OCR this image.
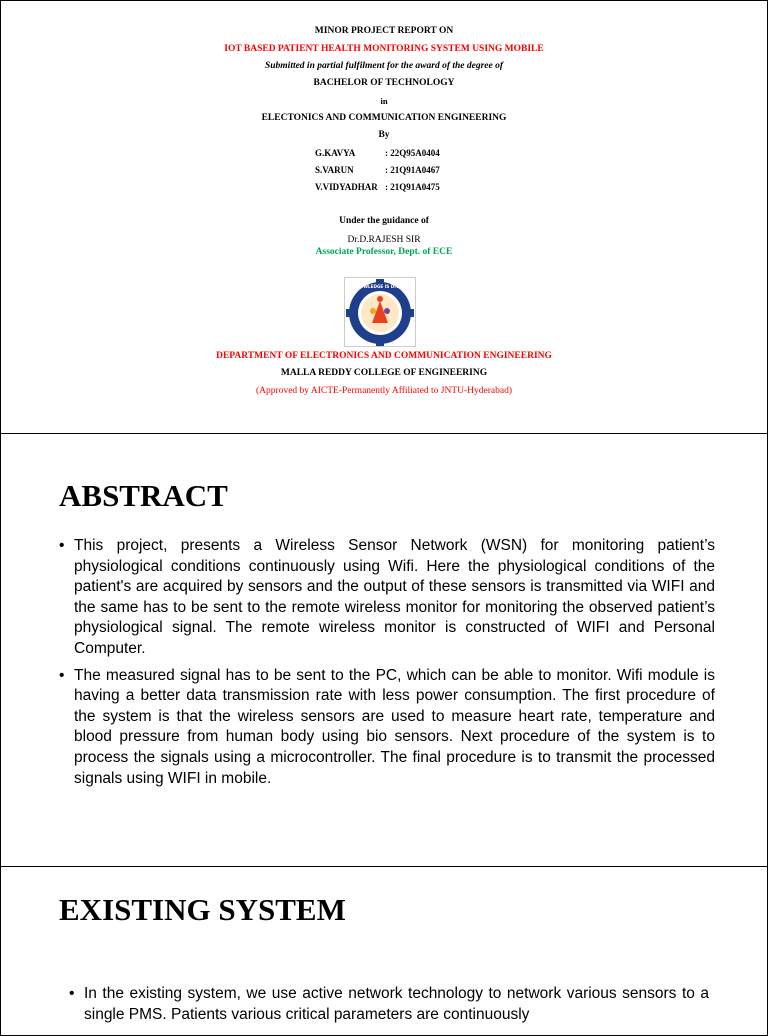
MINOR PROJECT REPORT ON
IOT BASED PATIENT HEALTH MONITORING SYSTEM USING MOBILE
Submitted in partial fulfilment for the award of the degree of
BACHELOR OF TECHNOLOGY
in
ELECTONICS AND COMMUNICATION ENGINEERING
By
G.KAVYA	: 22Q95A0404
S.VARUN	: 21Q91A0467
V.VIDYADHAR : 21Q91A0475
Under the guidance of
Dr.D.RAJESH SIR
Associate Professor, Dept. of ECE
KNOWLEDGE IS DIVINE
DEPARTMENT OF ELECTRONICS AND COMMUNICATION ENGINEERING
MALLA REDDY COLLEGE OF ENGINEERING
(Approved by AICTE-Permanently Affiliated to JNTU-Hyderabad)
ABSTRACT
• This project, presents a Wireless Sensor Network (WSN) for monitoring patient’s physiological conditions continuously using Wifi. Here the physiological conditions of the patient's are acquired by sensors and the output of these sensors is transmitted via WIFI and the same has to be sent to the remote wireless monitor for monitoring the observed patient’s physiological signal. The remote wireless monitor is constructed of WIFI and Personal Computer.
• The measured signal has to be sent to the PC, which can be able to monitor. Wifi module is having a better data transmission rate with less power consumption. The first procedure of the system is that the wireless sensors are used to measure heart rate, temperature and blood pressure from human body using bio sensors. Next procedure of the system is to process the signals using a microcontroller. The final procedure is to transmit the processed signals using WIFI in mobile.
EXISTING SYSTEM
• In the existing system, we use active network technology to network various sensors to a single PMS. Patients various critical parameters are continuously
